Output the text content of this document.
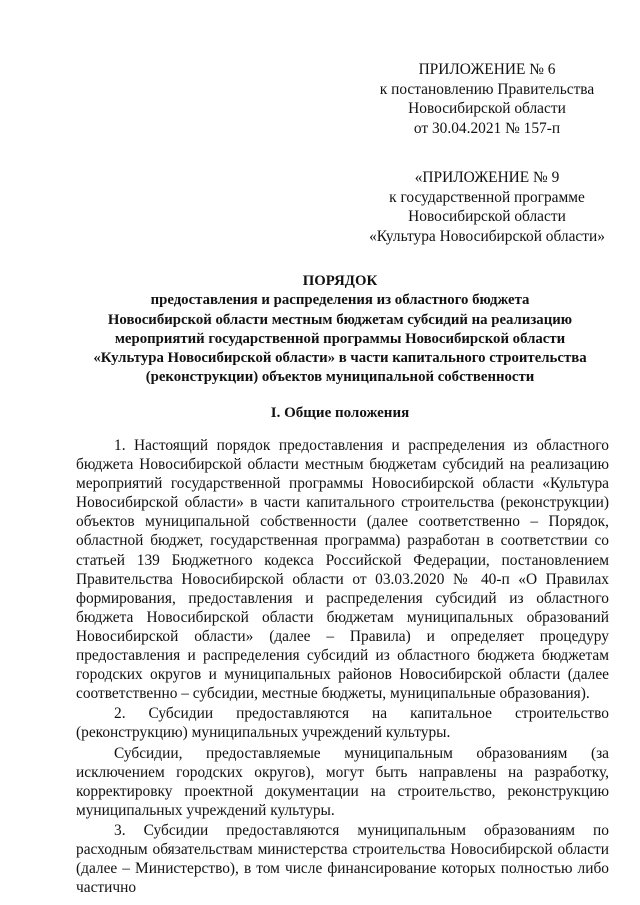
ПРИЛОЖЕНИЕ № 6
к постановлению Правительства
Новосибирской области
от 30.04.2021 № 157-п
«ПРИЛОЖЕНИЕ № 9
к государственной программе
Новосибирской области
«Культура Новосибирской области»
ПОРЯДОК
предоставления и распределения из областного бюджета
Новосибирской области местным бюджетам субсидий на реализацию
мероприятий государственной программы Новосибирской области
«Культура Новосибирской области» в части капитального строительства
(реконструкции) объектов муниципальной собственности
I. Общие положения

1. Настоящий порядок предоставления и распределения из областного бюджета Новосибирской области местным бюджетам субсидий на реализацию мероприятий государственной программы Новосибирской области «Культура Новосибирской области» в части капитального строительства (реконструкции) объектов муниципальной собственности (далее соответственно – Порядок, областной бюджет, государственная программа) разработан в соответствии со статьей 139 Бюджетного кодекса Российской Федерации, постановлением Правительства Новосибирской области от 03.03.2020 № 40-п «О Правилах формирования, предоставления и распределения субсидий из областного бюджета Новосибирской области бюджетам муниципальных образований Новосибирской области» (далее – Правила) и определяет процедуру предоставления и распределения субсидий из областного бюджета бюджетам городских округов и муниципальных районов Новосибирской области (далее соответственно – субсидии, местные бюджеты, муниципальные образования).

2. Субсидии предоставляются на капитальное строительство (реконструкцию) муниципальных учреждений культуры.

Субсидии, предоставляемые муниципальным образованиям (за исключением городских округов), могут быть направлены на разработку, корректировку проектной документации на строительство, реконструкцию муниципальных учреждений культуры.

3. Субсидии предоставляются муниципальным образованиям по расходным обязательствам министерства строительства Новосибирской области (далее – Министерство), в том числе финансирование которых полностью либо частично
